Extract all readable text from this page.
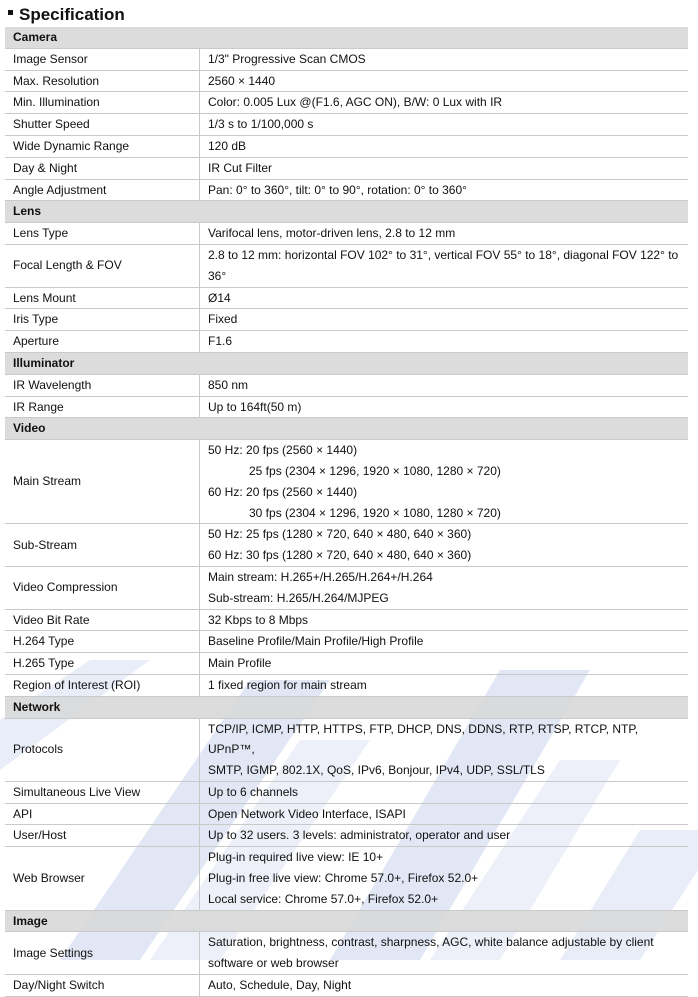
Specification
Camera	
Image Sensor	1/3" Progressive Scan CMOS

Max. Resolution	2560 × 1440

Min. Illumination	Color: 0.005 Lux @(F1.6, AGC ON), B/W: 0 Lux with IR

Shutter Speed	1/3 s to 1/100,000 s

Wide Dynamic Range	120 dB

Day & Night	IR Cut Filter

Angle Adjustment	Pan: 0° to 360°, tilt: 0° to 90°, rotation: 0° to 360°

Lens	
Lens Type	Varifocal lens, motor-driven lens, 2.8 to 12 mm

Focal Length & FOV	2.8 to 12 mm: horizontal FOV 102° to 31°, vertical FOV 55° to 18°, diagonal FOV 122° to
36°

Lens Mount	Ø14

Iris Type	Fixed

Aperture	F1.6

Illuminator	
IR Wavelength	850 nm

IR Range	Up to 164ft(50 m)

Video	
Main Stream	50 Hz: 20 fps (2560 × 1440)
25 fps (2304 × 1296, 1920 × 1080, 1280 × 720)
60 Hz: 20 fps (2560 × 1440)
30 fps (2304 × 1296, 1920 × 1080, 1280 × 720)

Sub-Stream	50 Hz: 25 fps (1280 × 720, 640 × 480, 640 × 360)
60 Hz: 30 fps (1280 × 720, 640 × 480, 640 × 360)

Video Compression	Main stream: H.265+/H.265/H.264+/H.264
Sub-stream: H.265/H.264/MJPEG

Video Bit Rate	32 Kbps to 8 Mbps

H.264 Type	Baseline Profile/Main Profile/High Profile

H.265 Type	Main Profile

Region of Interest (ROI)	1 fixed region for main stream

Network	
Protocols	TCP/IP, ICMP, HTTP, HTTPS, FTP, DHCP, DNS, DDNS, RTP, RTSP, RTCP, NTP, UPnP™,
SMTP, IGMP, 802.1X, QoS, IPv6, Bonjour, IPv4, UDP, SSL/TLS

Simultaneous Live View	Up to 6 channels

API	Open Network Video Interface, ISAPI

User/Host	Up to 32 users. 3 levels: administrator, operator and user

Web Browser	Plug-in required live view: IE 10+
Plug-in free live view: Chrome 57.0+, Firefox 52.0+
Local service: Chrome 57.0+, Firefox 52.0+

Image	
Image Settings	Saturation, brightness, contrast, sharpness, AGC, white balance adjustable by client
software or web browser

Day/Night Switch	Auto, Schedule, Day, Night
